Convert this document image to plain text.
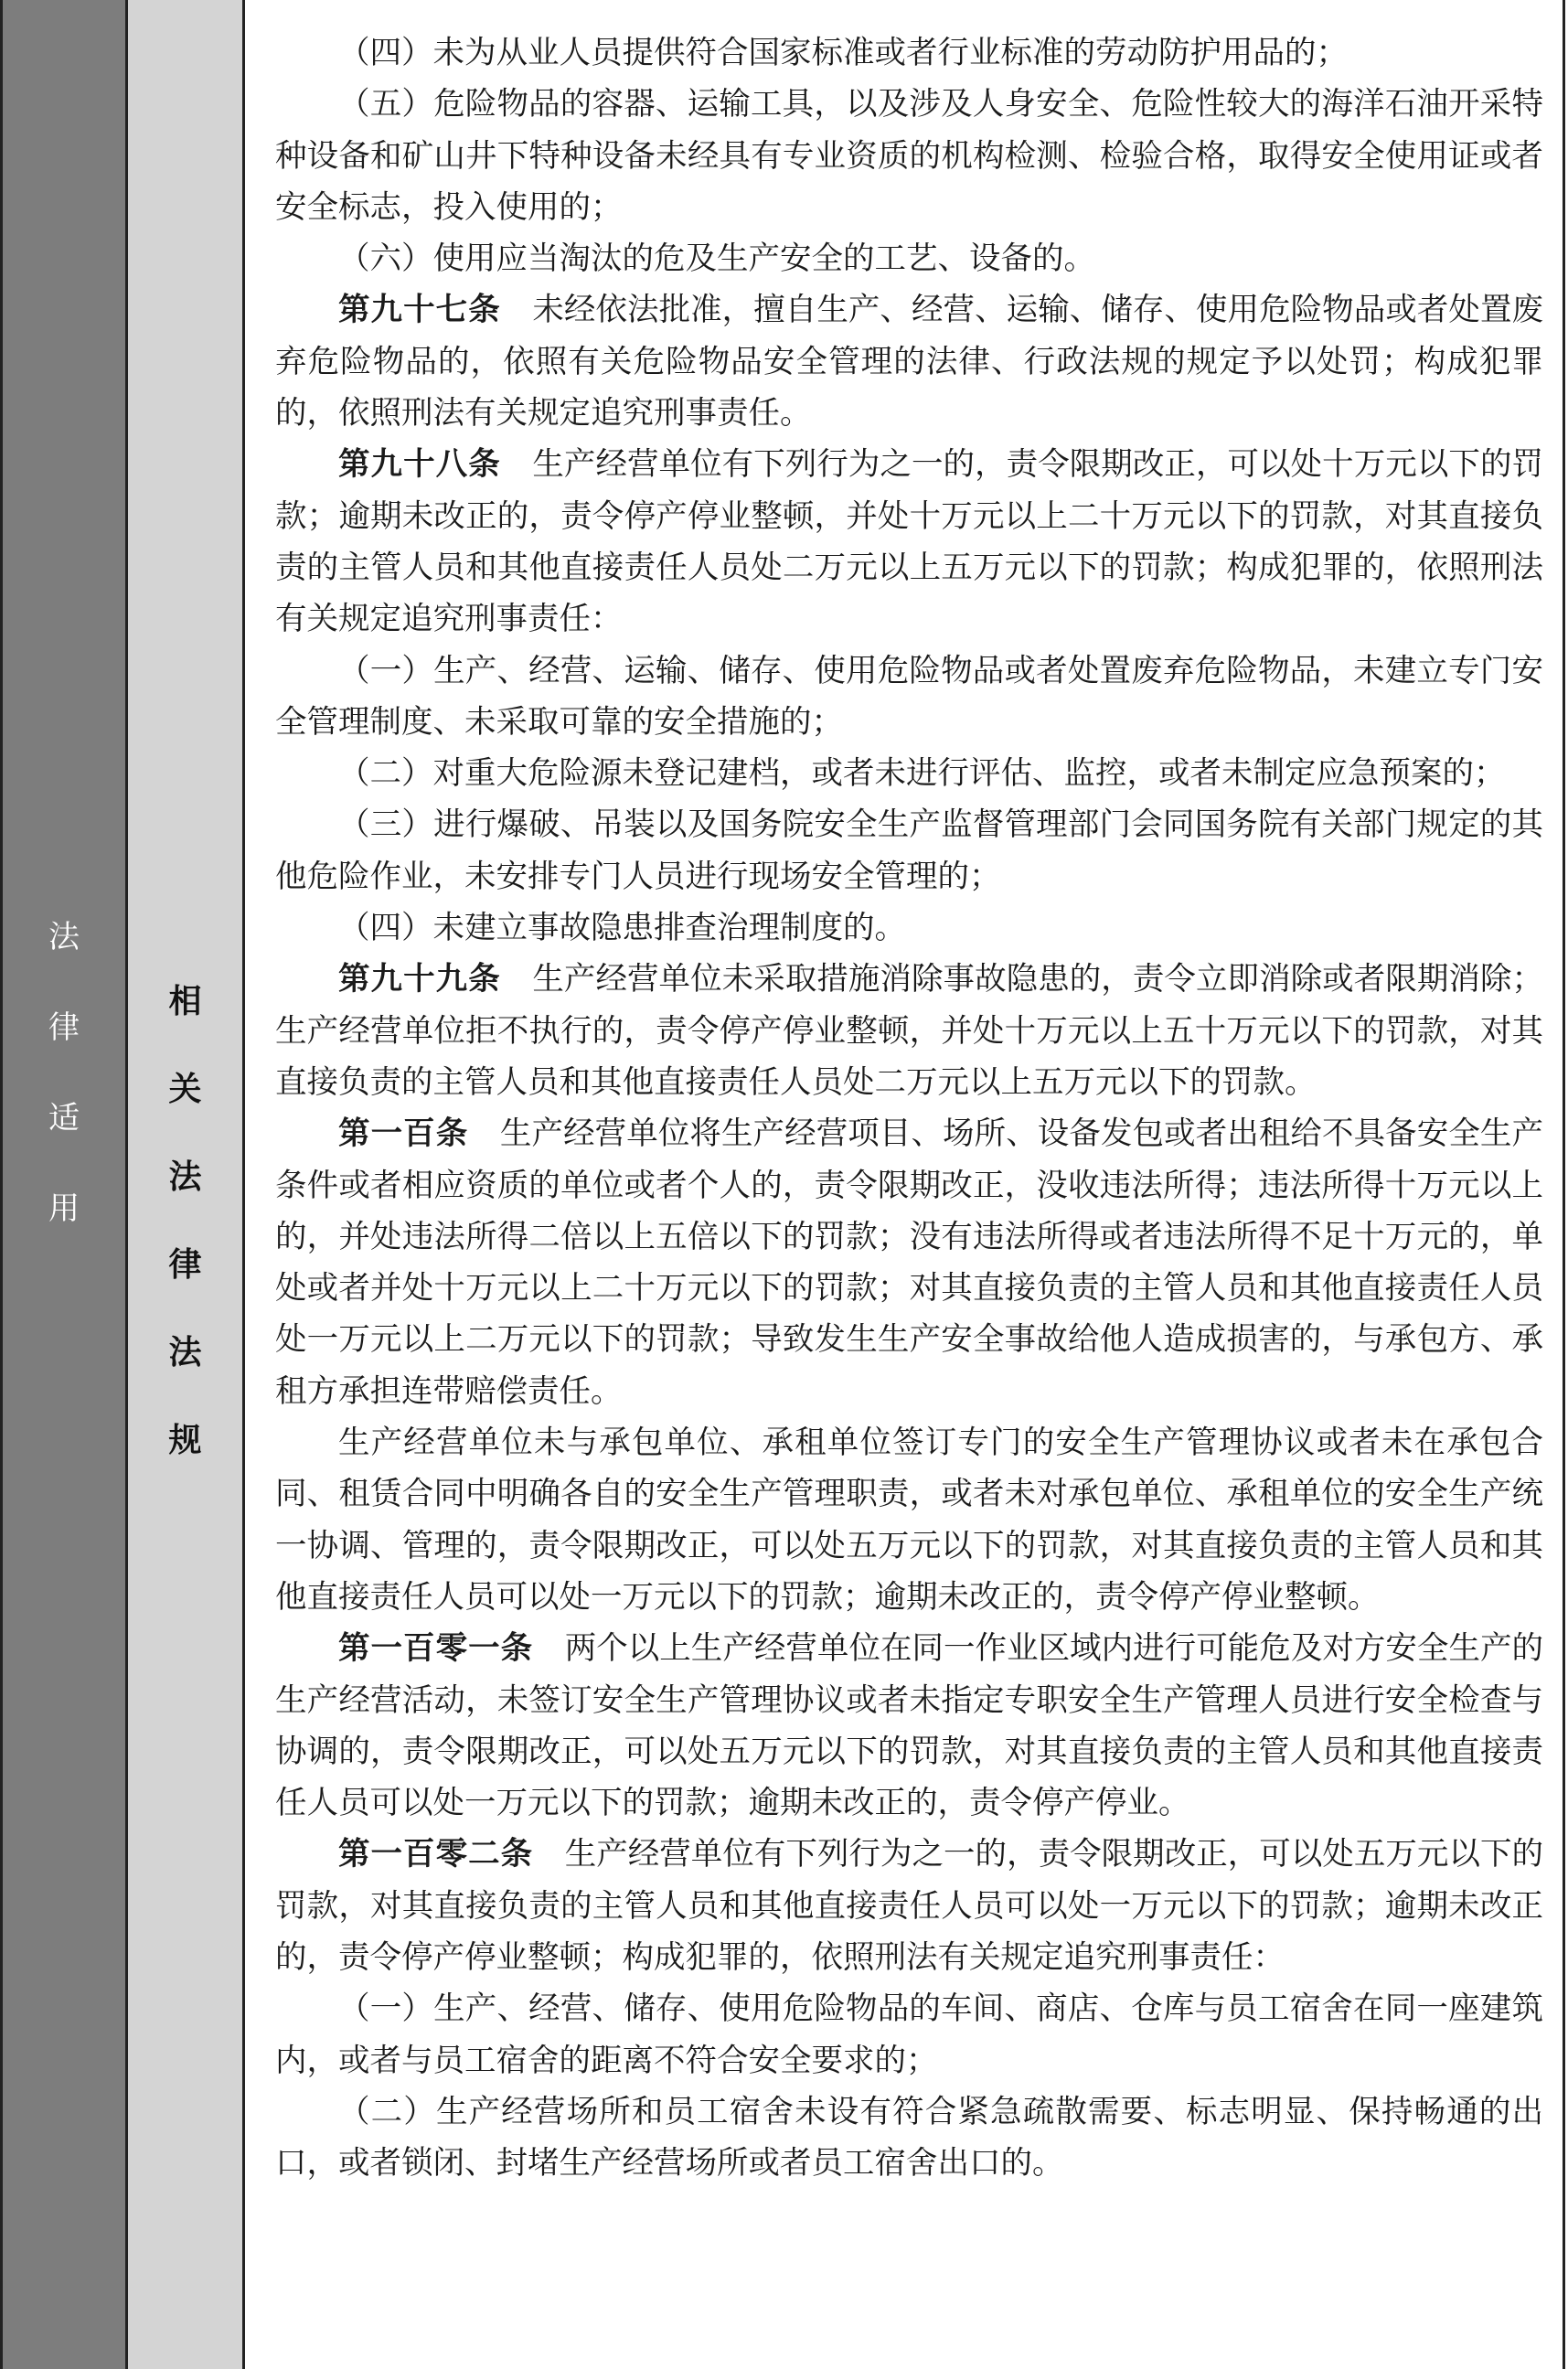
法
律
适
用
相
关
法
律
法
规

（四）未为从业人员提供符合国家标准或者行业标准的劳动防护用品的；

（五）危险物品的容器、运输工具，以及涉及人身安全、危险性较大的海洋石油开采特种设备和矿山井下特种设备未经具有专业资质的机构检测、检验合格，取得安全使用证或者安全标志，投入使用的；

（六）使用应当淘汰的危及生产安全的工艺、设备的。

第九十七条　未经依法批准，擅自生产、经营、运输、储存、使用危险物品或者处置废弃危险物品的，依照有关危险物品安全管理的法律、行政法规的规定予以处罚；构成犯罪的，依照刑法有关规定追究刑事责任。

第九十八条　生产经营单位有下列行为之一的，责令限期改正，可以处十万元以下的罚款；逾期未改正的，责令停产停业整顿，并处十万元以上二十万元以下的罚款，对其直接负责的主管人员和其他直接责任人员处二万元以上五万元以下的罚款；构成犯罪的，依照刑法有关规定追究刑事责任：

（一）生产、经营、运输、储存、使用危险物品或者处置废弃危险物品，未建立专门安全管理制度、未采取可靠的安全措施的；

（二）对重大危险源未登记建档，或者未进行评估、监控，或者未制定应急预案的；

（三）进行爆破、吊装以及国务院安全生产监督管理部门会同国务院有关部门规定的其他危险作业，未安排专门人员进行现场安全管理的；

（四）未建立事故隐患排查治理制度的。

第九十九条　生产经营单位未采取措施消除事故隐患的，责令立即消除或者限期消除；生产经营单位拒不执行的，责令停产停业整顿，并处十万元以上五十万元以下的罚款，对其直接负责的主管人员和其他直接责任人员处二万元以上五万元以下的罚款。

第一百条　生产经营单位将生产经营项目、场所、设备发包或者出租给不具备安全生产条件或者相应资质的单位或者个人的，责令限期改正，没收违法所得；违法所得十万元以上的，并处违法所得二倍以上五倍以下的罚款；没有违法所得或者违法所得不足十万元的，单处或者并处十万元以上二十万元以下的罚款；对其直接负责的主管人员和其他直接责任人员处一万元以上二万元以下的罚款；导致发生生产安全事故给他人造成损害的，与承包方、承租方承担连带赔偿责任。

生产经营单位未与承包单位、承租单位签订专门的安全生产管理协议或者未在承包合同、租赁合同中明确各自的安全生产管理职责，或者未对承包单位、承租单位的安全生产统一协调、管理的，责令限期改正，可以处五万元以下的罚款，对其直接负责的主管人员和其他直接责任人员可以处一万元以下的罚款；逾期未改正的，责令停产停业整顿。

第一百零一条　两个以上生产经营单位在同一作业区域内进行可能危及对方安全生产的生产经营活动，未签订安全生产管理协议或者未指定专职安全生产管理人员进行安全检查与协调的，责令限期改正，可以处五万元以下的罚款，对其直接负责的主管人员和其他直接责任人员可以处一万元以下的罚款；逾期未改正的，责令停产停业。

第一百零二条　生产经营单位有下列行为之一的，责令限期改正，可以处五万元以下的罚款，对其直接负责的主管人员和其他直接责任人员可以处一万元以下的罚款；逾期未改正的，责令停产停业整顿；构成犯罪的，依照刑法有关规定追究刑事责任：

（一）生产、经营、储存、使用危险物品的车间、商店、仓库与员工宿舍在同一座建筑内，或者与员工宿舍的距离不符合安全要求的；

（二）生产经营场所和员工宿舍未设有符合紧急疏散需要、标志明显、保持畅通的出口，或者锁闭、封堵生产经营场所或者员工宿舍出口的。
